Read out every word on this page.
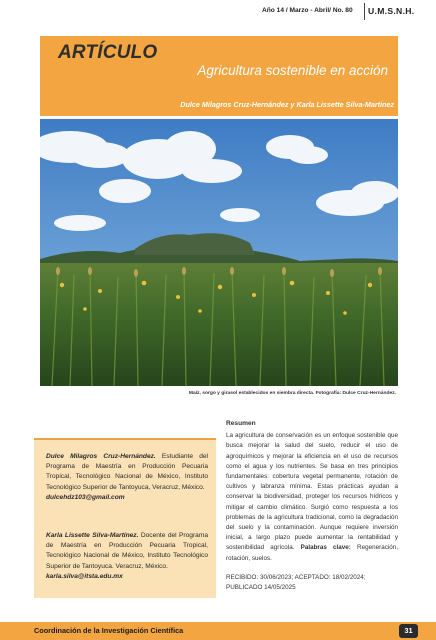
Año 14 / Marzo - Abril/ No. 80 U.M.S.N.H.
ARTÍCULO
Agricultura sostenible en acción
Dulce Milagros Cruz-Hernández y Karla Lissette Silva-Martínez
Maíz, sorgo y girasol establecidos en siembra directa. Fotografía: Dulce Cruz-Hernández.
Dulce Milagros Cruz-Hernández. Estudiante del Programa de Maestría en Producción Pecuaria Tropical, Tecnológico Nacional de México, Instituto Tecnológico Superior de Tantoyuca, Veracruz, México.
dulcehdz103@gmail.com
Karla Lissette Silva-Martínez. Docente del Programa de Maestría en Producción Pecuaria Tropical, Tecnológico Nacional de México, Instituto Tecnológico Superior de Tantoyuca. Veracruz, México.
karla.silva@itsta.edu.mx
Resumen

La agricultura de conservación es un enfoque sostenible que busca mejorar la salud del suelo, reducir el uso de agroquímicos y mejorar la eficiencia en el uso de recursos como el agua y los nutrientes. Se basa en tres principios fundamentales: cobertura vegetal permanente, rotación de cultivos y labranza mínima. Estas prácticas ayudan a conservar la biodiversidad, proteger los recursos hídricos y mitigar el cambio climático. Surgió como respuesta a los problemas de la agricultura tradicional, como la degradación del suelo y la contaminación. Aunque requiere inversión inicial, a largo plazo puede aumentar la rentabilidad y sostenibilidad agrícola. Palabras clave: Regeneración, rotación, suelos.

RECIBIDO: 30/06/2023; ACEPTADO: 18/02/2024;
PUBLICADO 14/05/2025
Coordinación de la Investigación Científica	31
